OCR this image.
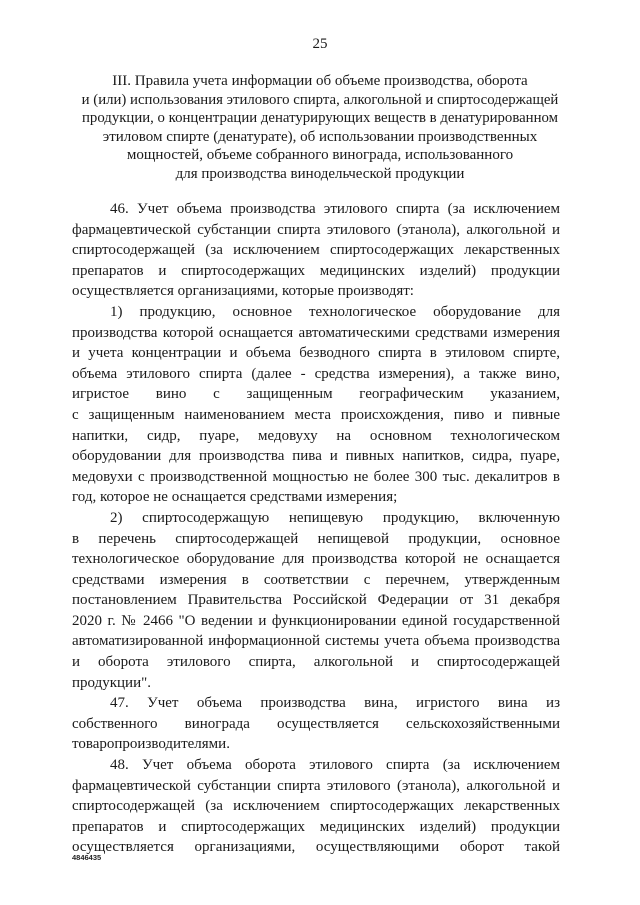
25
III. Правила учета информации об объеме производства, оборота
и (или) использования этилового спирта, алкогольной и спиртосодержащей
продукции, о концентрации денатурирующих веществ в денатурированном
этиловом спирте (денатурате), об использовании производственных
мощностей, объеме собранного винограда, использованного
для производства винодельческой продукции
46. Учет объема производства этилового спирта (за исключением
фармацевтической субстанции спирта этилового (этанола), алкогольной и
спиртосодержащей (за исключением спиртосодержащих лекарственных
препаратов и спиртосодержащих медицинских изделий) продукции
осуществляется организациями, которые производят:
1) продукцию, основное технологическое оборудование для
производства которой оснащается автоматическими средствами измерения
и учета концентрации и объема безводного спирта в этиловом спирте,
объема этилового спирта (далее - средства измерения), а также вино,
игристое вино с защищенным географическим указанием,
с защищенным наименованием места происхождения, пиво и пивные
напитки, сидр, пуаре, медовуху на основном технологическом
оборудовании для производства пива и пивных напитков, сидра, пуаре,
медовухи с производственной мощностью не более 300 тыс. декалитров в
год, которое не оснащается средствами измерения;
2) спиртосодержащую непищевую продукцию, включенную
в перечень спиртосодержащей непищевой продукции, основное
технологическое оборудование для производства которой не оснащается
средствами измерения в соответствии с перечнем, утвержденным
постановлением Правительства Российской Федерации от 31 декабря
2020 г. № 2466 "О ведении и функционировании единой государственной
автоматизированной информационной системы учета объема производства
и оборота этилового спирта, алкогольной и спиртосодержащей
продукции".
47. Учет объема производства вина, игристого вина из
собственного винограда осуществляется сельскохозяйственными
товаропроизводителями.
48. Учет объема оборота этилового спирта (за исключением
фармацевтической субстанции спирта этилового (этанола), алкогольной и
спиртосодержащей (за исключением спиртосодержащих лекарственных
препаратов и спиртосодержащих медицинских изделий) продукции
осуществляется организациями, осуществляющими оборот такой
4846435
